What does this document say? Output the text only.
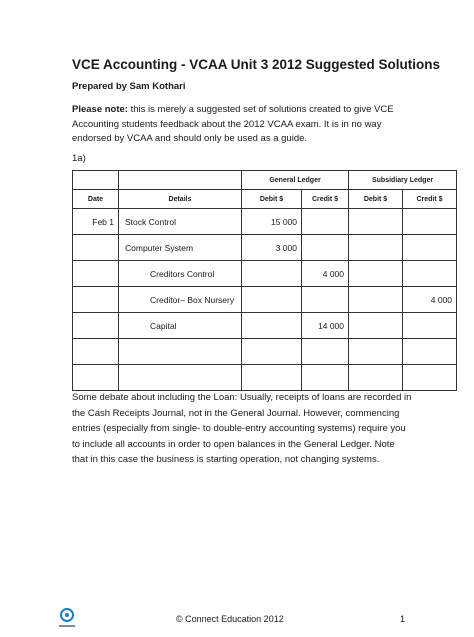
VCE Accounting - VCAA Unit 3 2012 Suggested Solutions
Prepared by Sam Kothari
Please note: this is merely a suggested set of solutions created to give VCE Accounting students feedback about the 2012 VCAA exam. It is in no way endorsed by VCAA and should only be used as a guide.
1a)
		General Ledger		Subsidiary Ledger	
Date	Details	Debit $	Credit $	Debit $	Credit $
Feb 1	Stock Control	15 000			
	Computer System	3 000			
	Creditors Control		4 000		
	Creditor– Box Nursery				4 000
	Capital		14 000		

Some debate about including the Loan: Usually, receipts of loans are recorded in the Cash Receipts Journal, not in the General Journal. However, commencing entries (especially from single- to double-entry accounting systems) require you to include all accounts in order to open balances in the General Ledger. Note that in this case the business is starting operation, not changing systems.
© Connect Education 2012	1
